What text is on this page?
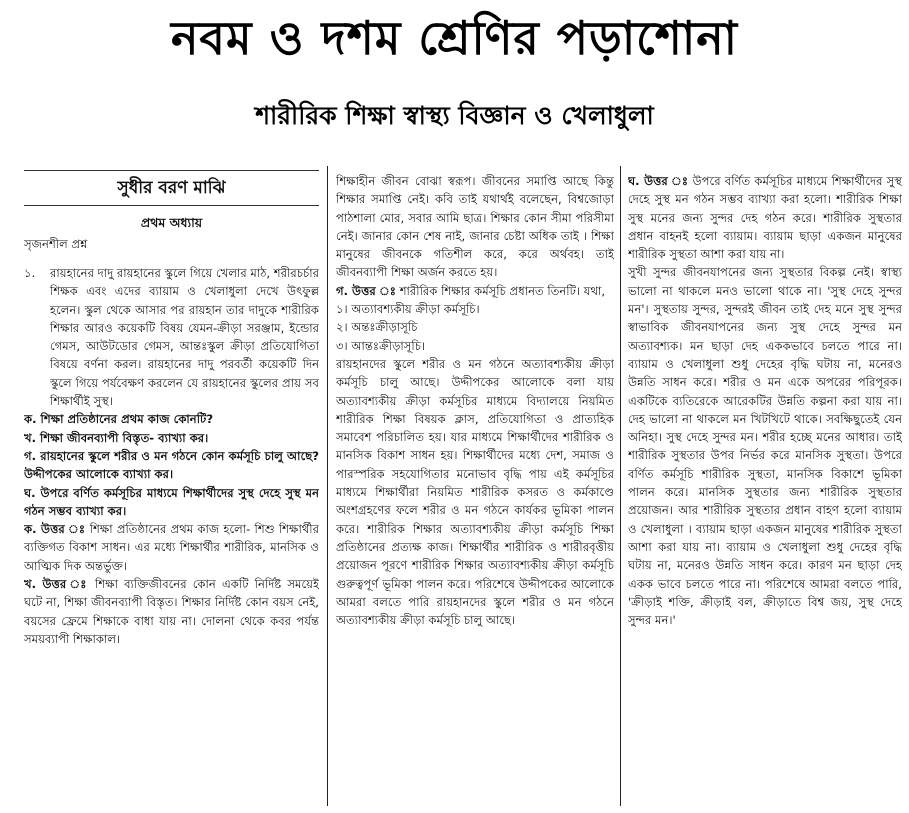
নবম ও দশম শ্রেণির পড়াশোনা
শারীরিক শিক্ষা স্বাস্থ্য বিজ্ঞান ও খেলাধুলা
সুধীর বরণ মাঝি
প্রথম অধ্যায়
সৃজনশীল প্রশ্ন
১.	রায়হানের দাদু রায়হানের স্কুলে গিয়ে খেলার মাঠ, শরীরচর্চার শিক্ষক এবং এদের ব্যায়াম ও খেলাধুলা দেখে উৎফুল্ল হলেন। স্কুল থেকে আসার পর রায়হান তার দাদুকে শারীরিক শিক্ষার আরও কয়েকটি বিষয় যেমন-ক্রীড়া সরঞ্জাম, ইন্ডোর গেমস, আউটডোর গেমস, আন্তঃস্কুল ক্রীড়া প্রতিযোগিতা বিষয়ে বর্ণনা করল। রায়হানের দাদু পরবর্তী কয়েকটি দিন স্কুলে গিয়ে পর্যবেক্ষণ করলেন যে রায়হানের স্কুলের প্রায় সব শিক্ষার্থীই সুস্থ।

ক. শিক্ষা প্রতিষ্ঠানের প্রথম কাজ কোনটি?

খ. শিক্ষা জীবনব্যাপী বিস্তৃত- ব্যাখ্যা কর।

গ. রায়হানের স্কুলে শরীর ও মন গঠনে কোন কর্মসূচি চালু আছে? উদ্দীপকের আলোকে ব্যাখ্যা কর।

ঘ. উপরে বর্ণিত কর্মসূচির মাধ্যমে শিক্ষার্থীদের সুস্থ দেহে সুস্থ মন গঠন সম্ভব ব্যাখ্যা কর।

ক. উত্তর ঃ শিক্ষা প্রতিষ্ঠানের প্রথম কাজ হলো- শিশু শিক্ষার্থীর ব্যক্তিগত বিকাশ সাধন। এর মধ্যে শিক্ষার্থীর শারীরিক, মানসিক ও আত্মিক দিক অন্তর্ভুক্ত।

খ. উত্তর ঃ শিক্ষা ব্যক্তিজীবনের কোন একটি নির্দিষ্ট সময়েই ঘটে না, শিক্ষা জীবনব্যাপী বিস্তৃত। শিক্ষার নির্দিষ্ট কোন বয়স নেই, বয়সের ফ্রেমে শিক্ষাকে বাধা যায় না। দোলনা থেকে কবর পর্যন্ত সময়ব্যাপী শিক্ষাকাল।

শিক্ষাহীন জীবন বোঝা স্বরূপ। জীবনের সমাপ্তি আছে কিন্তু শিক্ষার সমাপ্তি নেই। কবি তাই যথার্থই বলেছেন, বিশ্বজোড়া পাঠশালা মোর, সবার আমি ছাত্র। শিক্ষার কোন সীমা পরিসীমা নেই। জানার কোন শেষ নাই, জানার চেষ্টা অধিক তাই । শিক্ষা মানুষের জীবনকে গতিশীল করে, করে অর্থবহ। তাই জীবনব্যাপী শিক্ষা অর্জন করতে হয়।

গ. উত্তর ঃ শারীরিক শিক্ষার কর্মসূচি প্রধানত তিনটি। যথা,

১। অত্যাবশ্যকীয় ক্রীড়া কর্মসূচি।

২। অন্তঃক্রীড়াসূচি

৩। আন্তঃক্রীড়াসূচি।

রায়হানদের স্কুলে শরীর ও মন গঠনে অত্যাবশ্যকীয় ক্রীড়া কর্মসূচি চালু আছে। উদ্দীপকের আলোকে বলা যায় অত্যাবশ্যকীয় ক্রীড়া কর্মসূচির মাধ্যমে বিদ্যালয়ে নিয়মিত শারীরিক শিক্ষা বিষয়ক ক্লাস, প্রতিযোগিতা ও প্রাত্যহিক সমাবেশ পরিচালিত হয়। যার মাধ্যমে শিক্ষার্থীদের শারীরিক ও মানসিক বিকাশ সাধন হয়। শিক্ষার্থীদের মধ্যে দেশ, সমাজ ও পারস্পরিক সহযোগিতার মনোভাব বৃদ্ধি পায় এই কর্মসূচির মাধ্যমে শিক্ষার্থীরা নিয়মিত শারীরিক কসরত ও কর্মকাণ্ডে অংশগ্রহণের ফলে শরীর ও মন গঠনে কার্যকর ভূমিকা পালন করে। শারীরিক শিক্ষার অত্যাবশ্যকীয় ক্রীড়া কর্মসূচি শিক্ষা প্রতিষ্ঠানের প্রত্যক্ষ কাজ। শিক্ষার্থীর শারীরিক ও শারীরবৃত্তীয় প্রয়োজন পূরণে শারীরিক শিক্ষার অত্যাবশ্যকীয় ক্রীড়া কর্মসূচি গুরুত্বপূর্ণ ভূমিকা পালন করে। পরিশেষে উদ্দীপকের আলোকে আমরা বলতে পারি রায়হানদের স্কুলে শরীর ও মন গঠনে অত্যাবশ্যকীয় ক্রীড়া কর্মসূচি চালু আছে।

ঘ. উত্তর ঃ উপরে বর্ণিত কর্মসূচির মাধ্যমে শিক্ষার্থীদের সুস্থ দেহে সুস্থ মন গঠন সম্ভব ব্যাখ্যা করা হলো। শারীরিক শিক্ষা সুস্থ মনের জন্য সুন্দর দেহ গঠন করে। শারীরিক সুস্থতার প্রধান বাহনই হলো ব্যায়াম। ব্যায়াম ছাড়া একজন মানুষের শারীরিক সুস্থতা আশা করা যায় না।

সুখী সুন্দর জীবনযাপনের জন্য সুস্থতার বিকল্প নেই। স্বাস্থ্য ভালো না থাকলে মনও ভালো থাকে না। 'সুস্থ দেহে সুন্দর মন'। সুস্থতায় সুন্দর, সুন্দরই জীবন তাই দেহ মনে সুস্থ সুন্দর স্বাভাবিক জীবনযাপনের জন্য সুস্থ দেহে সুন্দর মন অত্যাবশ্যক। মন ছাড়া দেহ এককভাবে চলতে পারে না। ব্যায়াম ও খেলাধুলা শুধু দেহের বৃদ্ধি ঘটায় না, মনেরও উন্নতি সাধন করে। শরীর ও মন একে অপরের পরিপূরক। একটিকে ব্যতিরেকে আরেকটির উন্নতি কল্পনা করা যায় না। দেহ ভালো না থাকলে মন খিটখিটে থাকে। সবক্ষিছুতেই যেন অনিহা। সুস্থ দেহে সুন্দর মন। শরীর হচ্ছে মনের আধার। তাই শারীরিক সুস্থতার উপর নির্ভর করে মানসিক সুস্থতা। উপরে বর্ণিত কর্মসূচি শারীরিক সুস্থতা, মানসিক বিকাশে ভূমিকা পালন করে। মানসিক সুস্থতার জন্য শারীরিক সুস্থতার প্রয়োজন। আর শারীরিক সুস্থতার প্রধান বাহণ হলো ব্যায়াম ও খেলাধুলা । ব্যায়াম ছাড়া একজন মানুষের শারীরিক সুস্থতা আশা করা যায় না। ব্যায়াম ও খেলাধুলা শুধু দেহের বৃদ্ধি ঘটায় না, মনেরও উন্নতি সাধন করে। কারণ মন ছাড়া দেহ একক ভাবে চলতে পারে না। পরিশেষে আমরা বলতে পারি, 'ক্রীড়াই শক্তি, ক্রীড়াই বল, ক্রীড়াতে বিশ্ব জয়, সুস্থ দেহে সুন্দর মন।'
